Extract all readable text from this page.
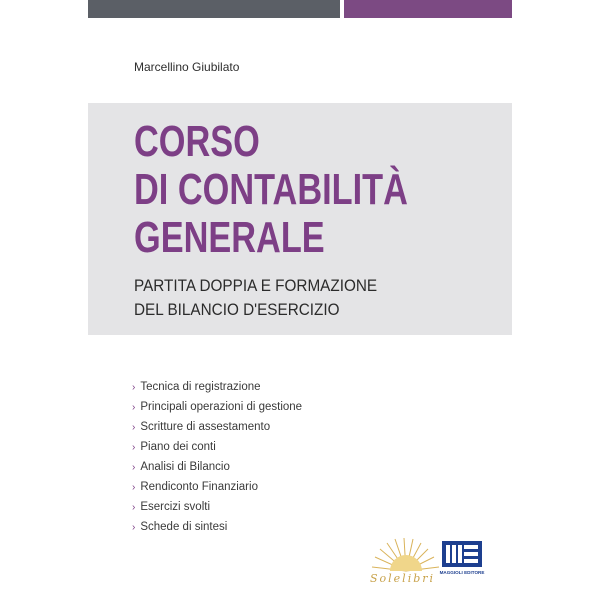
Marcellino Giubilato
CORSO
DI CONTABILITÀ
GENERALE
PARTITA DOPPIA E FORMAZIONE
DEL BILANCIO D'ESERCIZIO
› Tecnica di registrazione
› Principali operazioni di gestione
› Scritture di assestamento
› Piano dei conti
› Analisi di Bilancio
› Rendiconto Finanziario
› Esercizi svolti
› Schede di sintesi
Solelibri MAGGIOLI EDITORE
